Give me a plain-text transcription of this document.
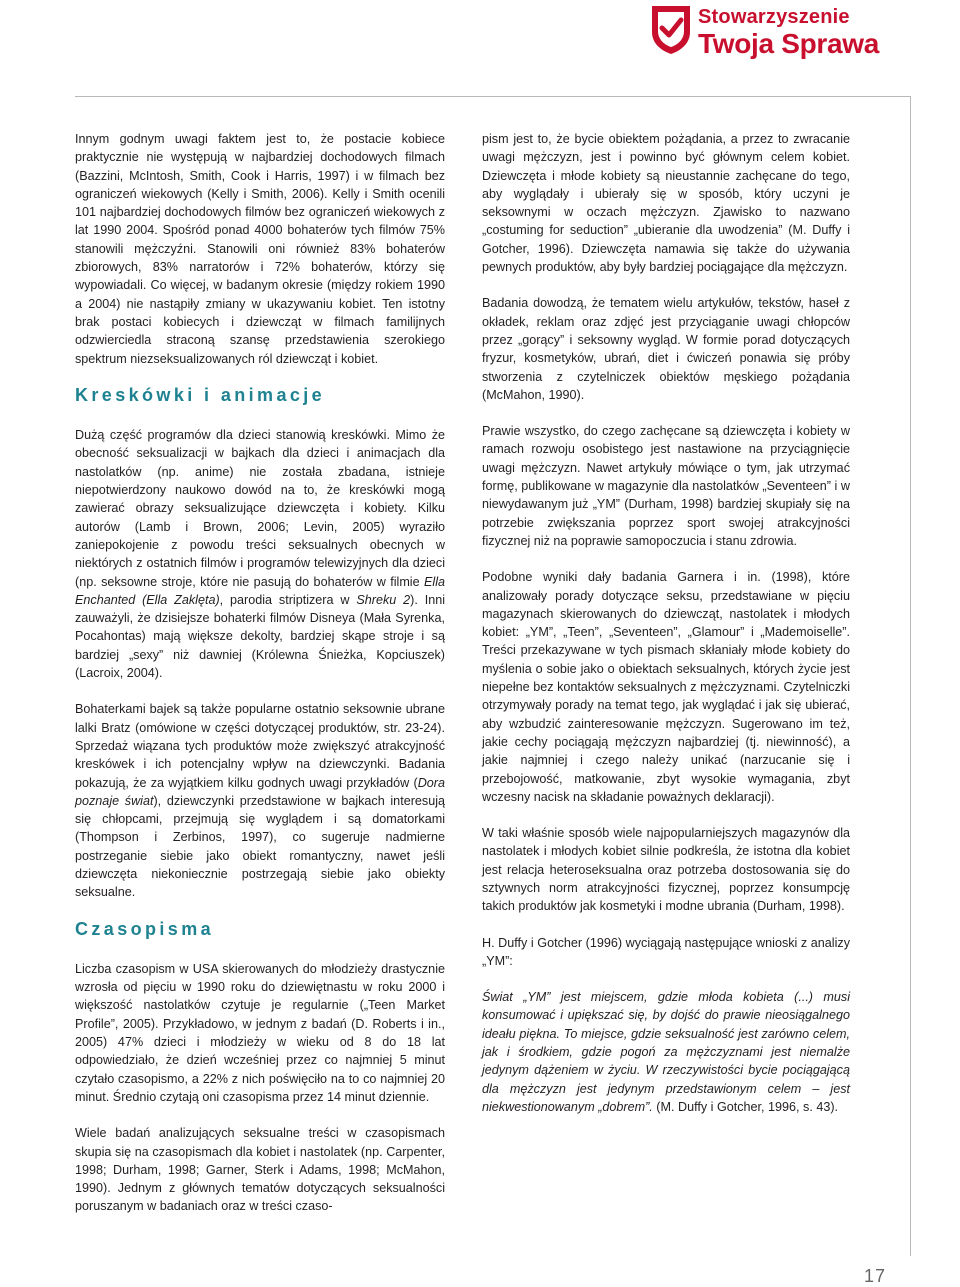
Stowarzyszenie
Twoja Sprawa

Innym godnym uwagi faktem jest to, że postacie kobiece praktycznie nie występują w najbardziej dochodowych filmach (Bazzini, McIntosh, Smith, Cook i Harris, 1997) i w filmach bez ograniczeń wiekowych (Kelly i Smith, 2006). Kelly i Smith ocenili 101 najbardziej dochodowych filmów bez ograniczeń wiekowych z lat 1990 2004. Spośród ponad 4000 bohaterów tych filmów 75% stanowili mężczyźni. Stanowili oni również 83% bohaterów zbiorowych, 83% narratorów i 72% bohaterów, którzy się wypowiadali. Co więcej, w badanym okresie (między rokiem 1990 a 2004) nie nastąpiły zmiany w ukazywaniu kobiet. Ten istotny brak postaci kobiecych i dziewcząt w filmach familijnych odzwierciedla straconą szansę przedstawienia szerokiego spektrum niezseksualizowanych ról dziewcząt i kobiet.

Kreskówki i animacje

Dużą część programów dla dzieci stanowią kreskówki. Mimo że obecność seksualizacji w bajkach dla dzieci i animacjach dla nastolatków (np. anime) nie została zbadana, istnieje niepotwierdzony naukowo dowód na to, że kreskówki mogą zawierać obrazy seksualizujące dziewczęta i kobiety. Kilku autorów (Lamb i Brown, 2006; Levin, 2005) wyraziło zaniepokojenie z powodu treści seksualnych obecnych w niektórych z ostatnich filmów i programów telewizyjnych dla dzieci (np. seksowne stroje, które nie pasują do bohaterów w filmie Ella Enchanted (Ella Zaklęta), parodia striptizera w Shreku 2). Inni zauważyli, że dzisiejsze bohaterki filmów Disneya (Mała Syrenka, Pocahontas) mają większe dekolty, bardziej skąpe stroje i są bardziej „sexy” niż dawniej (Królewna Śnieżka, Kopciuszek) (Lacroix, 2004).

Bohaterkami bajek są także popularne ostatnio seksownie ubrane lalki Bratz (omówione w części dotyczącej produktów, str. 23-24). Sprzedaż wiązana tych produktów może zwiększyć atrakcyjność kreskówek i ich potencjalny wpływ na dziewczynki. Badania pokazują, że za wyjątkiem kilku godnych uwagi przykładów (Dora poznaje świat), dziewczynki przedstawione w bajkach interesują się chłopcami, przejmują się wyglądem i są domatorkami (Thompson i Zerbinos, 1997), co sugeruje nadmierne postrzeganie siebie jako obiekt romantyczny, nawet jeśli dziewczęta niekoniecznie postrzegają siebie jako obiekty seksualne.

Czasopisma

Liczba czasopism w USA skierowanych do młodzieży drastycznie wzrosła od pięciu w 1990 roku do dziewiętnastu w roku 2000 i większość nastolatków czytuje je regularnie („Teen Market Profile”, 2005). Przykładowo, w jednym z badań (D. Roberts i in., 2005) 47% dzieci i młodzieży w wieku od 8 do 18 lat odpowiedziało, że dzień wcześniej przez co najmniej 5 minut czytało czasopismo, a 22% z nich poświęciło na to co najmniej 20 minut. Średnio czytają oni czasopisma przez 14 minut dziennie.

Wiele badań analizujących seksualne treści w czasopismach skupia się na czasopismach dla kobiet i nastolatek (np. Carpenter, 1998; Durham, 1998; Garner, Sterk i Adams, 1998; McMahon, 1990). Jednym z głównych tematów dotyczących seksualności poruszanym w badaniach oraz w treści czaso-

pism jest to, że bycie obiektem pożądania, a przez to zwracanie uwagi mężczyzn, jest i powinno być głównym celem kobiet. Dziewczęta i młode kobiety są nieustannie zachęcane do tego, aby wyglądały i ubierały się w sposób, który uczyni je seksownymi w oczach mężczyzn. Zjawisko to nazwano „costuming for seduction” „ubieranie dla uwodzenia” (M. Duffy i Gotcher, 1996). Dziewczęta namawia się także do używania pewnych produktów, aby były bardziej pociągające dla mężczyzn.

Badania dowodzą, że tematem wielu artykułów, tekstów, haseł z okładek, reklam oraz zdjęć jest przyciąganie uwagi chłopców przez „gorący” i seksowny wygląd. W formie porad dotyczących fryzur, kosmetyków, ubrań, diet i ćwiczeń ponawia się próby stworzenia z czytelniczek obiektów męskiego pożądania (McMahon, 1990).

Prawie wszystko, do czego zachęcane są dziewczęta i kobiety w ramach rozwoju osobistego jest nastawione na przyciągnięcie uwagi mężczyzn. Nawet artykuły mówiące o tym, jak utrzymać formę, publikowane w magazynie dla nastolatków „Seventeen” i w niewydawanym już „YM” (Durham, 1998) bardziej skupiały się na potrzebie zwiększania poprzez sport swojej atrakcyjności fizycznej niż na poprawie samopoczucia i stanu zdrowia.

Podobne wyniki dały badania Garnera i in. (1998), które analizowały porady dotyczące seksu, przedstawiane w pięciu magazynach skierowanych do dziewcząt, nastolatek i młodych kobiet: „YM”, „Teen”, „Seventeen”, „Glamour” i „Mademoiselle”. Treści przekazywane w tych pismach skłaniały młode kobiety do myślenia o sobie jako o obiektach seksualnych, których życie jest niepełne bez kontaktów seksualnych z mężczyznami. Czytelniczki otrzymywały porady na temat tego, jak wyglądać i jak się ubierać, aby wzbudzić zainteresowanie mężczyzn. Sugerowano im też, jakie cechy pociągają mężczyzn najbardziej (tj. niewinność), a jakie najmniej i czego należy unikać (narzucanie się i przebojowość, matkowanie, zbyt wysokie wymagania, zbyt wczesny nacisk na składanie poważnych deklaracji).

W taki właśnie sposób wiele najpopularniejszych magazynów dla nastolatek i młodych kobiet silnie podkreśla, że istotna dla kobiet jest relacja heteroseksualna oraz potrzeba dostosowania się do sztywnych norm atrakcyjności fizycznej, poprzez konsumpcję takich produktów jak kosmetyki i modne ubrania (Durham, 1998).

H. Duffy i Gotcher (1996) wyciągają następujące wnioski z analizy „YM”:

Świat „YM” jest miejscem, gdzie młoda kobieta (...) musi konsumować i upiększać się, by dojść do prawie nieosiągalnego ideału piękna. To miejsce, gdzie seksualność jest zarówno celem, jak i środkiem, gdzie pogoń za mężczyznami jest niemalże jedynym dążeniem w życiu. W rzeczywistości bycie pociągającą dla mężczyzn jest jedynym przedstawionym celem – jest niekwestionowanym „dobrem”. (M. Duffy i Gotcher, 1996, s. 43).

17
